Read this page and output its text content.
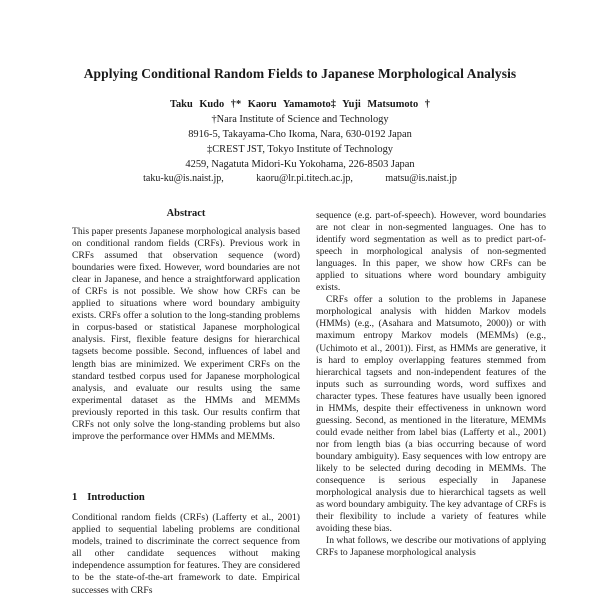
Applying Conditional Random Fields to Japanese Morphological Analysis
Taku Kudo †* Kaoru Yamamoto‡ Yuji Matsumoto †
†Nara Institute of Science and Technology
8916-5, Takayama-Cho Ikoma, Nara, 630-0192 Japan
‡CREST JST, Tokyo Institute of Technology
4259, Nagatuta Midori-Ku Yokohama, 226-8503 Japan
taku-ku@is.naist.jp,	kaoru@lr.pi.titech.ac.jp,	matsu@is.naist.jp
Abstract
This paper presents Japanese morphological analysis based on conditional random fields (CRFs). Previous work in CRFs assumed that observation sequence (word) boundaries were fixed. However, word boundaries are not clear in Japanese, and hence a straightforward application of CRFs is not possible. We show how CRFs can be applied to situations where word boundary ambiguity exists. CRFs offer a solution to the long-standing problems in corpus-based or statistical Japanese morphological analysis. First, flexible feature designs for hierarchical tagsets become possible. Second, influences of label and length bias are minimized. We experiment CRFs on the standard testbed corpus used for Japanese morphological analysis, and evaluate our results using the same experimental dataset as the HMMs and MEMMs previously reported in this task. Our results confirm that CRFs not only solve the long-standing problems but also improve the performance over HMMs and MEMMs.
1 Introduction
Conditional random fields (CRFs) (Lafferty et al., 2001) applied to sequential labeling problems are conditional models, trained to discriminate the correct sequence from all other candidate sequences without making independence assumption for features. They are considered to be the state-of-the-art framework to date. Empirical successes with CRFs

sequence (e.g. part-of-speech). However, word boundaries are not clear in non-segmented languages. One has to identify word segmentation as well as to predict part-of-speech in morphological analysis of non-segmented languages. In this paper, we show how CRFs can be applied to situations where word boundary ambiguity exists.

CRFs offer a solution to the problems in Japanese morphological analysis with hidden Markov models (HMMs) (e.g., (Asahara and Matsumoto, 2000)) or with maximum entropy Markov models (MEMMs) (e.g., (Uchimoto et al., 2001)). First, as HMMs are generative, it is hard to employ overlapping features stemmed from hierarchical tagsets and non-independent features of the inputs such as surrounding words, word suffixes and character types. These features have usually been ignored in HMMs, despite their effectiveness in unknown word guessing. Second, as mentioned in the literature, MEMMs could evade neither from label bias (Lafferty et al., 2001) nor from length bias (a bias occurring because of word boundary ambiguity). Easy sequences with low entropy are likely to be selected during decoding in MEMMs. The consequence is serious especially in Japanese morphological analysis due to hierarchical tagsets as well as word boundary ambiguity. The key advantage of CRFs is their flexibility to include a variety of features while avoiding these bias.

In what follows, we describe our motivations of applying CRFs to Japanese morphological analysis
